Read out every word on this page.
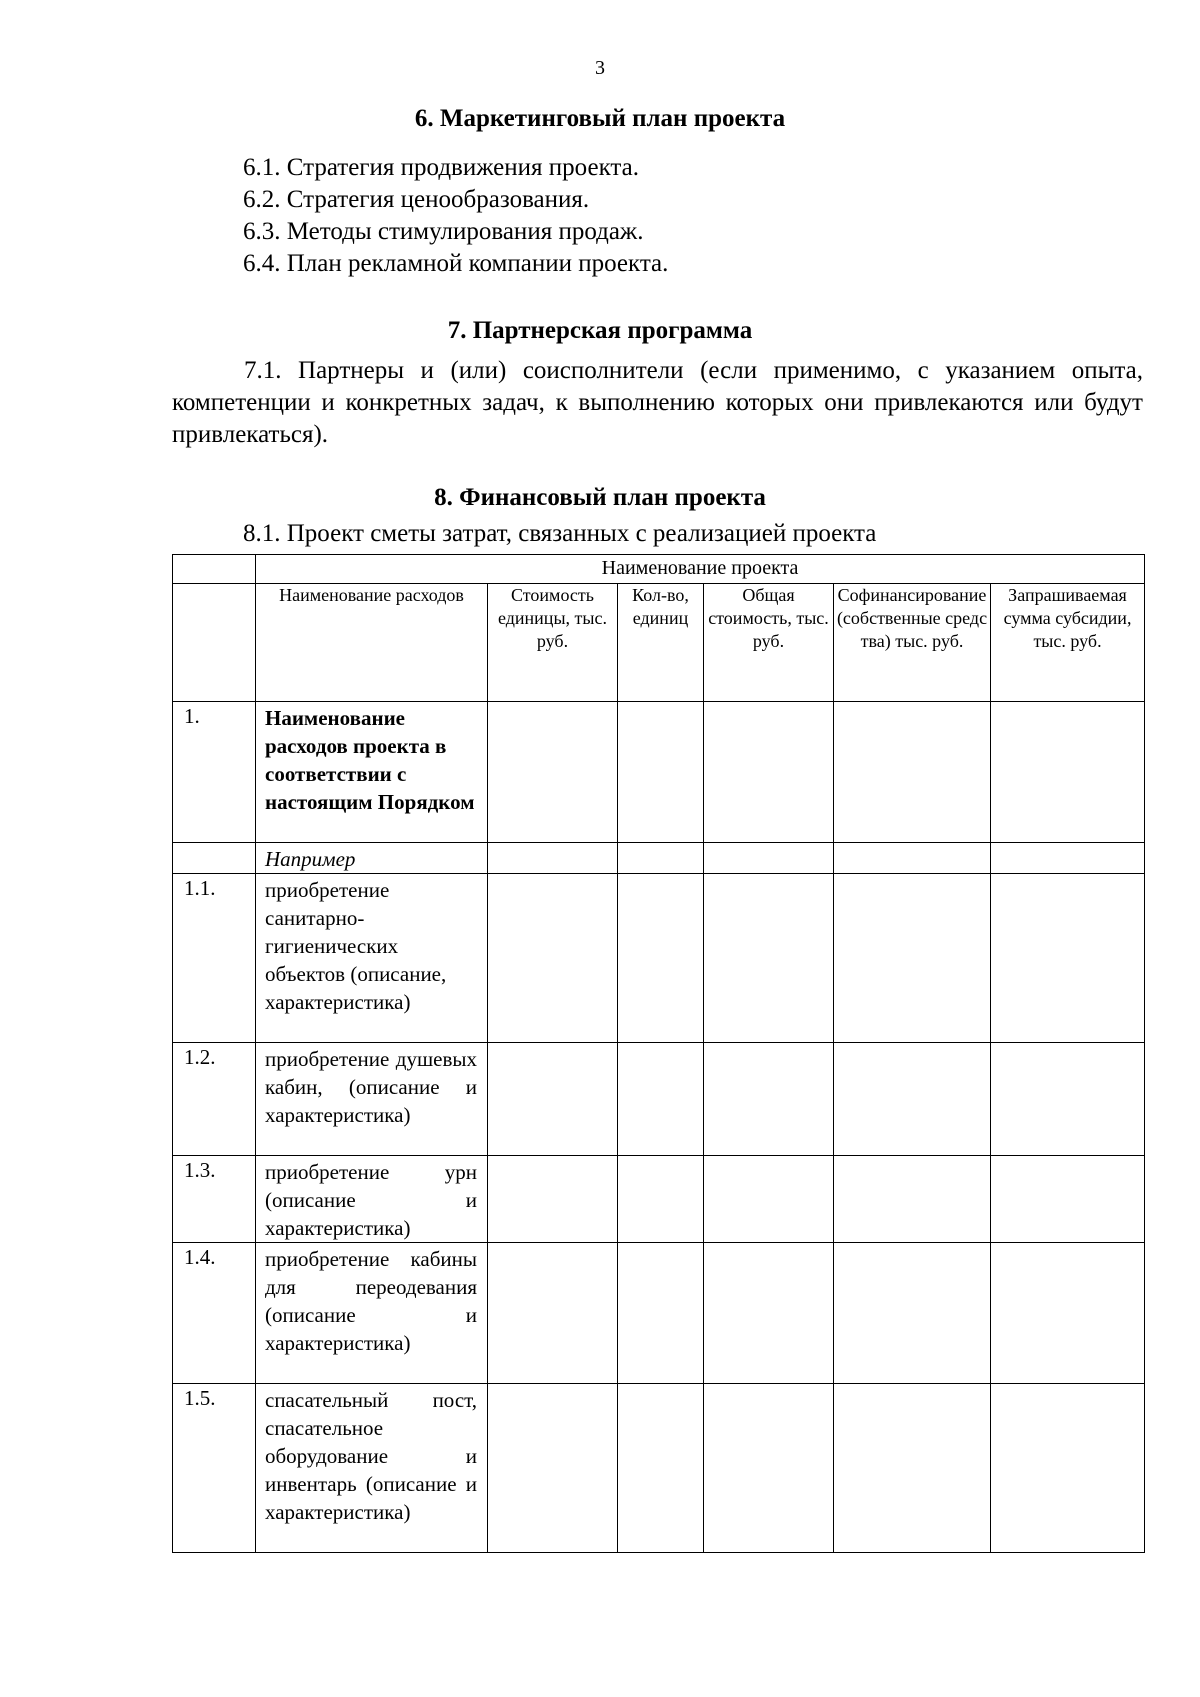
3
6. Маркетинговый план проекта
6.1. Стратегия продвижения проекта.
6.2. Стратегия ценообразования.
6.3. Методы стимулирования продаж.
6.4. План рекламной компании проекта.
7. Партнерская программа

7.1. Партнеры и (или) соисполнители (если применимо, с указанием опыта, компетенции и конкретных задач, к выполнению которых они привлекаются или будут привлекаться).

8. Финансовый план проекта

8.1. Проект сметы затрат, связанных с реализацией проекта

	Наименование проекта					
	Наименование расходов	Стоимость единицы, тыс. руб.	Кол-во, единиц	Общая стоимость, тыс. руб.	Софинансирование (собственные средства) тыс. руб.	Запрашиваемая сумма субсидии, тыс. руб.
1.	Наименование расходов проекта в соответствии с настоящим Порядком					
	Например					
1.1.	приобретение санитарно-гигиенических объектов (описание, характеристика)					
1.2.	приобретение душевых кабин, (описание и характеристика)					
1.3.	приобретение урн (описание и характеристика)					
1.4.	приобретение кабины для переодевания (описание и характеристика)					
1.5.	спасательный пост, спасательное оборудование и инвентарь (описание и характеристика)					
